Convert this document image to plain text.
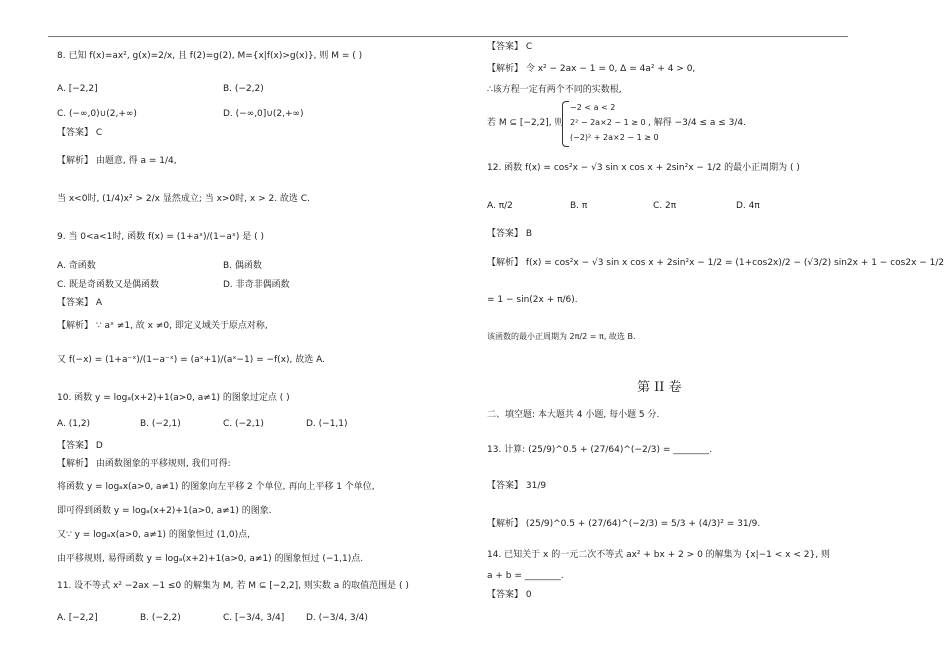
8. 已知 f(x)=ax², g(x)=2/x, 且 f(2)=g(2), M={x|f(x)>g(x)}, 则 M = ( )
A. [−2,2]	B. (−2,2)
C. (−∞,0)∪(2,+∞)	D. (−∞,0]∪(2,+∞)
【答案】 C
【解析】 由题意, 得 a = 1/4,
当 x<0时, (1/4)x² > 2/x 显然成立; 当 x>0时, x > 2. 故选 C.
9. 当 0<a<1时, 函数 f(x) = (1+aˣ)/(1−aˣ) 是 ( )
A. 奇函数	B. 偶函数
C. 既是奇函数又是偶函数	D. 非奇非偶函数
【答案】 A
【解析】 ∵ aˣ ≠1, 故 x ≠0, 即定义域关于原点对称,
又 f(−x) = (1+a⁻ˣ)/(1−a⁻ˣ) = (aˣ+1)/(aˣ−1) = −f(x), 故选 A.
10. 函数 y = logₐ(x+2)+1(a>0, a≠1) 的图象过定点 ( )
A. (1,2)	B. (−2,1)	C. (−2,1)	D. (−1,1)
【答案】 D
【解析】 由函数图象的平移规则, 我们可得:
将函数 y = logₐx(a>0, a≠1) 的图象向左平移 2 个单位, 再向上平移 1 个单位,
即可得到函数 y = logₐ(x+2)+1(a>0, a≠1) 的图象.
又∵ y = logₐx(a>0, a≠1) 的图象恒过 (1,0)点,
由平移规则, 易得函数 y = logₐ(x+2)+1(a>0, a≠1) 的图象恒过 (−1,1)点.
11. 设不等式 x² −2ax −1 ≤0 的解集为 M, 若 M ⊆ [−2,2], 则实数 a 的取值范围是 ( )
A. [−2,2]	B. (−2,2)	C. [−3/4, 3/4] D. (−3/4, 3/4)
【答案】 C
【解析】 令 x² − 2ax − 1 = 0, Δ = 4a² + 4 > 0,
∴该方程一定有两个不同的实数根,
若 M ⊆ [−2,2], 则
−2 < a < 2
2² − 2a×2 − 1 ≥ 0
(−2)² + 2a×2 − 1 ≥ 0
, 解得 −3/4 ≤ a ≤ 3/4.
12. 函数 f(x) = cos²x − √3 sin x cos x + 2sin²x − 1/2 的最小正周期为 ( )
A. π/2	B. π	C. 2π	D. 4π
【答案】 B
【解析】 f(x) = cos²x − √3 sin x cos x + 2sin²x − 1/2 = (1+cos2x)/2 − (√3/2) sin2x + 1 − cos2x − 1/2
= 1 − sin(2x + π/6).
该函数的最小正周期为 2π/2 = π, 故选 B.
第 II 卷
二、填空题: 本大题共 4 小题, 每小题 5 分.
13. 计算: (25/9)^0.5 + (27/64)^(−2/3) = ________.
【答案】 31/9
【解析】 (25/9)^0.5 + (27/64)^(−2/3) = 5/3 + (4/3)² = 31/9.
14. 已知关于 x 的一元二次不等式 ax² + bx + 2 > 0 的解集为 {x|−1 < x < 2}, 则
a + b = ________.
【答案】 0
